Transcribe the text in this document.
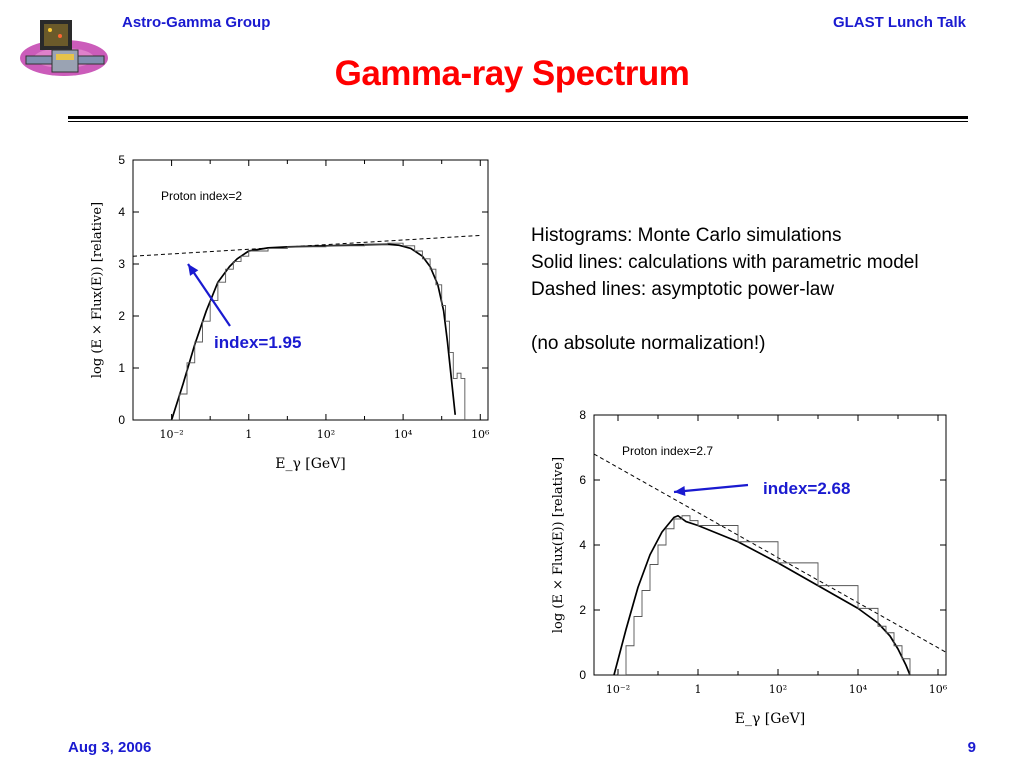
Astro-Gamma Group	GLAST Lunch Talk
Gamma-ray Spectrum
0
1
2
3
4
5
10⁻²	1	10²	10⁴	10⁶
E_γ [GeV]
log (E × Flux(E)) [relative]
Proton index=2
0
2
4
6
8
10⁻²	1	10²	10⁴	10⁶
E_γ [GeV]
log (E × Flux(E)) [relative]
Proton index=2.7
index=1.95
index=2.68
Histograms: Monte Carlo simulations
Solid lines: calculations with parametric model
Dashed lines: asymptotic power-law
(no absolute normalization!)
Aug 3, 2006	9
